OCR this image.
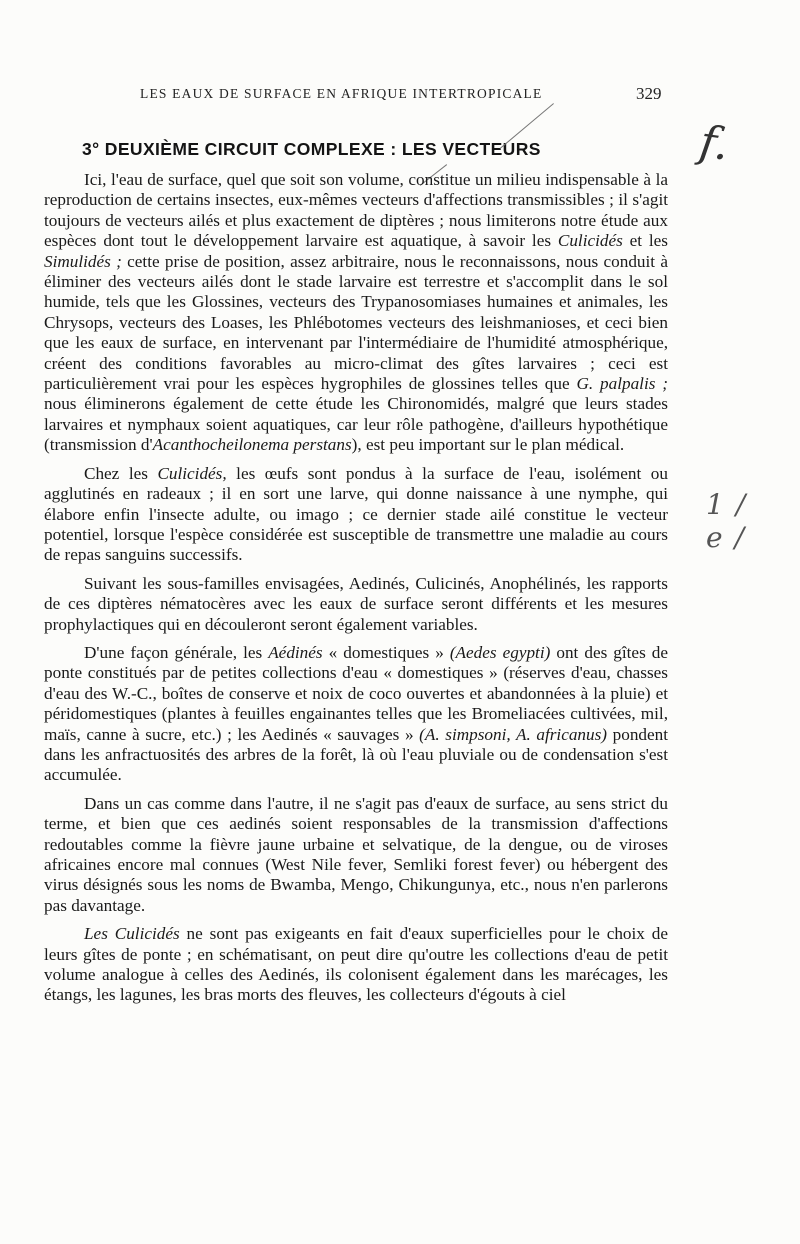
LES EAUX DE SURFACE EN AFRIQUE INTERTROPICALE	329
3° DEUXIÈME CIRCUIT COMPLEXE : LES VECTEURS	f.
1/ e/

Ici, l'eau de surface, quel que soit son volume, constitue un milieu indispensable à la reproduction de certains insectes, eux-mêmes vecteurs d'affections transmissibles ; il s'agit toujours de vecteurs ailés et plus exactement de diptères ; nous limiterons notre étude aux espèces dont tout le développement larvaire est aquatique, à savoir les Culicidés et les Simulidés ; cette prise de position, assez arbitraire, nous le reconnaissons, nous conduit à éliminer des vecteurs ailés dont le stade larvaire est terrestre et s'accomplit dans le sol humide, tels que les Glossines, vecteurs des Trypanosomiases humaines et animales, les Chrysops, vecteurs des Loases, les Phlébotomes vecteurs des leishmanioses, et ceci bien que les eaux de surface, en intervenant par l'intermédiaire de l'humidité atmosphérique, créent des conditions favorables au micro-climat des gîtes larvaires ; ceci est particulièrement vrai pour les espèces hygrophiles de glossines telles que G. palpalis ; nous éliminerons également de cette étude les Chironomidés, malgré que leurs stades larvaires et nymphaux soient aquatiques, car leur rôle pathogène, d'ailleurs hypothétique (transmission d'Acanthocheilonema perstans), est peu important sur le plan médical.

Chez les Culicidés, les œufs sont pondus à la surface de l'eau, isolément ou agglutinés en radeaux ; il en sort une larve, qui donne naissance à une nymphe, qui élabore enfin l'insecte adulte, ou imago ; ce dernier stade ailé constitue le vecteur potentiel, lorsque l'espèce considérée est susceptible de transmettre une maladie au cours de repas sanguins successifs.

Suivant les sous-familles envisagées, Aedinés, Culicinés, Anophélinés, les rapports de ces diptères nématocères avec les eaux de surface seront différents et les mesures prophylactiques qui en découleront seront également variables.

D'une façon générale, les Aédinés « domestiques » (Aedes egypti) ont des gîtes de ponte constitués par de petites collections d'eau « domestiques » (réserves d'eau, chasses d'eau des W.-C., boîtes de conserve et noix de coco ouvertes et abandonnées à la pluie) et péridomestiques (plantes à feuilles engainantes telles que les Bromeliacées cultivées, mil, maïs, canne à sucre, etc.) ; les Aedinés « sauvages » (A. simpsoni, A. africanus) pondent dans les anfractuosités des arbres de la forêt, là où l'eau pluviale ou de condensation s'est accumulée.

Dans un cas comme dans l'autre, il ne s'agit pas d'eaux de surface, au sens strict du terme, et bien que ces aedinés soient responsables de la transmission d'affections redoutables comme la fièvre jaune urbaine et selvatique, de la dengue, ou de viroses africaines encore mal connues (West Nile fever, Semliki forest fever) ou hébergent des virus désignés sous les noms de Bwamba, Mengo, Chikungunya, etc., nous n'en parlerons pas davantage.

Les Culicidés ne sont pas exigeants en fait d'eaux superficielles pour le choix de leurs gîtes de ponte ; en schématisant, on peut dire qu'outre les collections d'eau de petit volume analogue à celles des Aedinés, ils colonisent également dans les marécages, les étangs, les lagunes, les bras morts des fleuves, les collecteurs d'égouts à ciel
